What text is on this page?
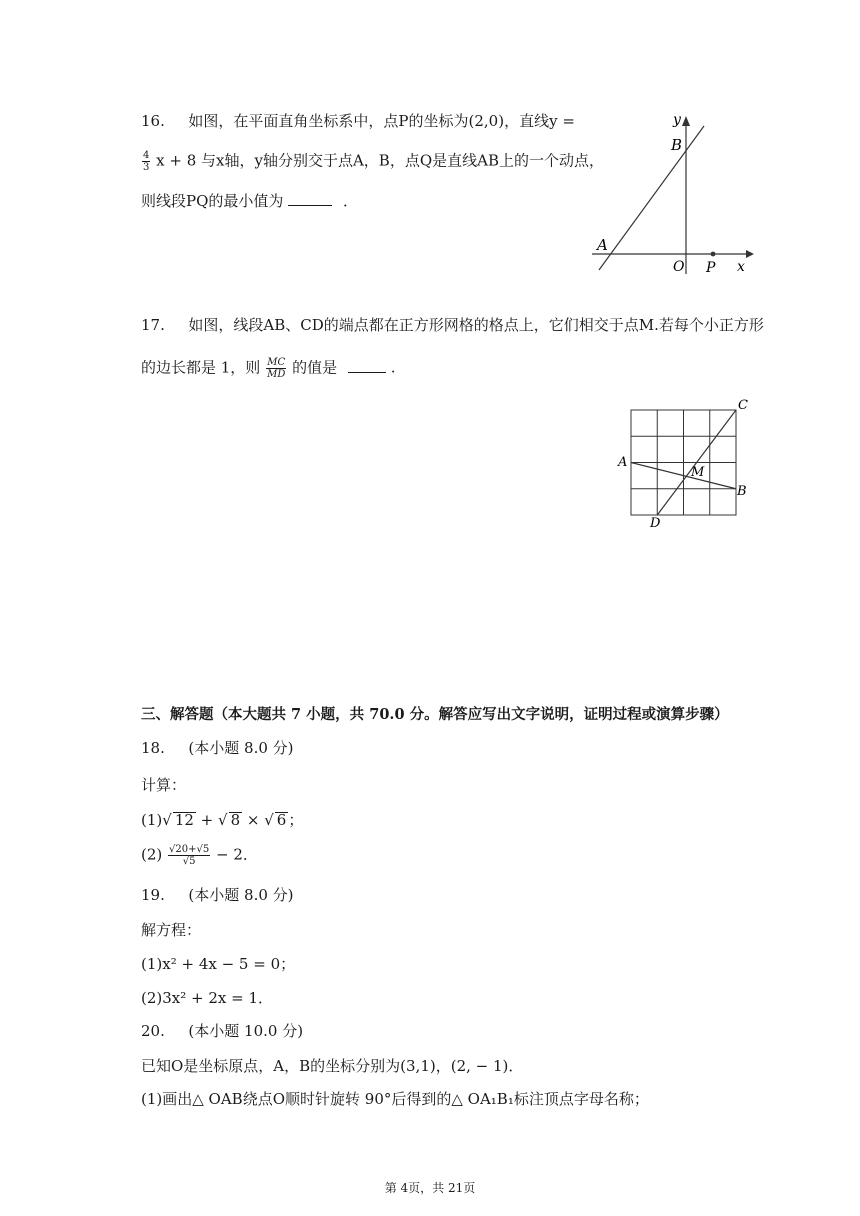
16. 如图，在平面直角坐标系中，点P的坐标为(2,0)，直线y =
$\frac{4}{3}$ x + 8 与x轴，y轴分别交于点A，B，点Q是直线AB上的一个动点，
则线段PQ的最小值为	．
y
B
A
O P x
17. 如图，线段AB、CD的端点都在正方形网格的格点上，它们相交于点M.若每个小正方形
的边长都是 1，则 $\frac{MC}{MD}$ 的值是	.
C
A
M
B
D
三、解答题（本大题共 7 小题，共 70.0 分。解答应写出文字说明，证明过程或演算步骤）
18. (本小题 8.0 分)
计算：
(1)√ 12 + √ 8 × √ 6 ；
$(2) \frac{√20+√5}{√5} - 2$．
19. (本小题 8.0 分)
解方程：
(1)x² + 4x − 5 = 0；
(2)3x² + 2x = 1．
20. (本小题 10.0 分)
已知O是坐标原点，A，B的坐标分别为(3,1)，(2, − 1)．
(1)画出△ OAB绕点O顺时针旋转 90°后得到的△ OA₁B₁标注顶点字母名称；
第 4页，共 21页
